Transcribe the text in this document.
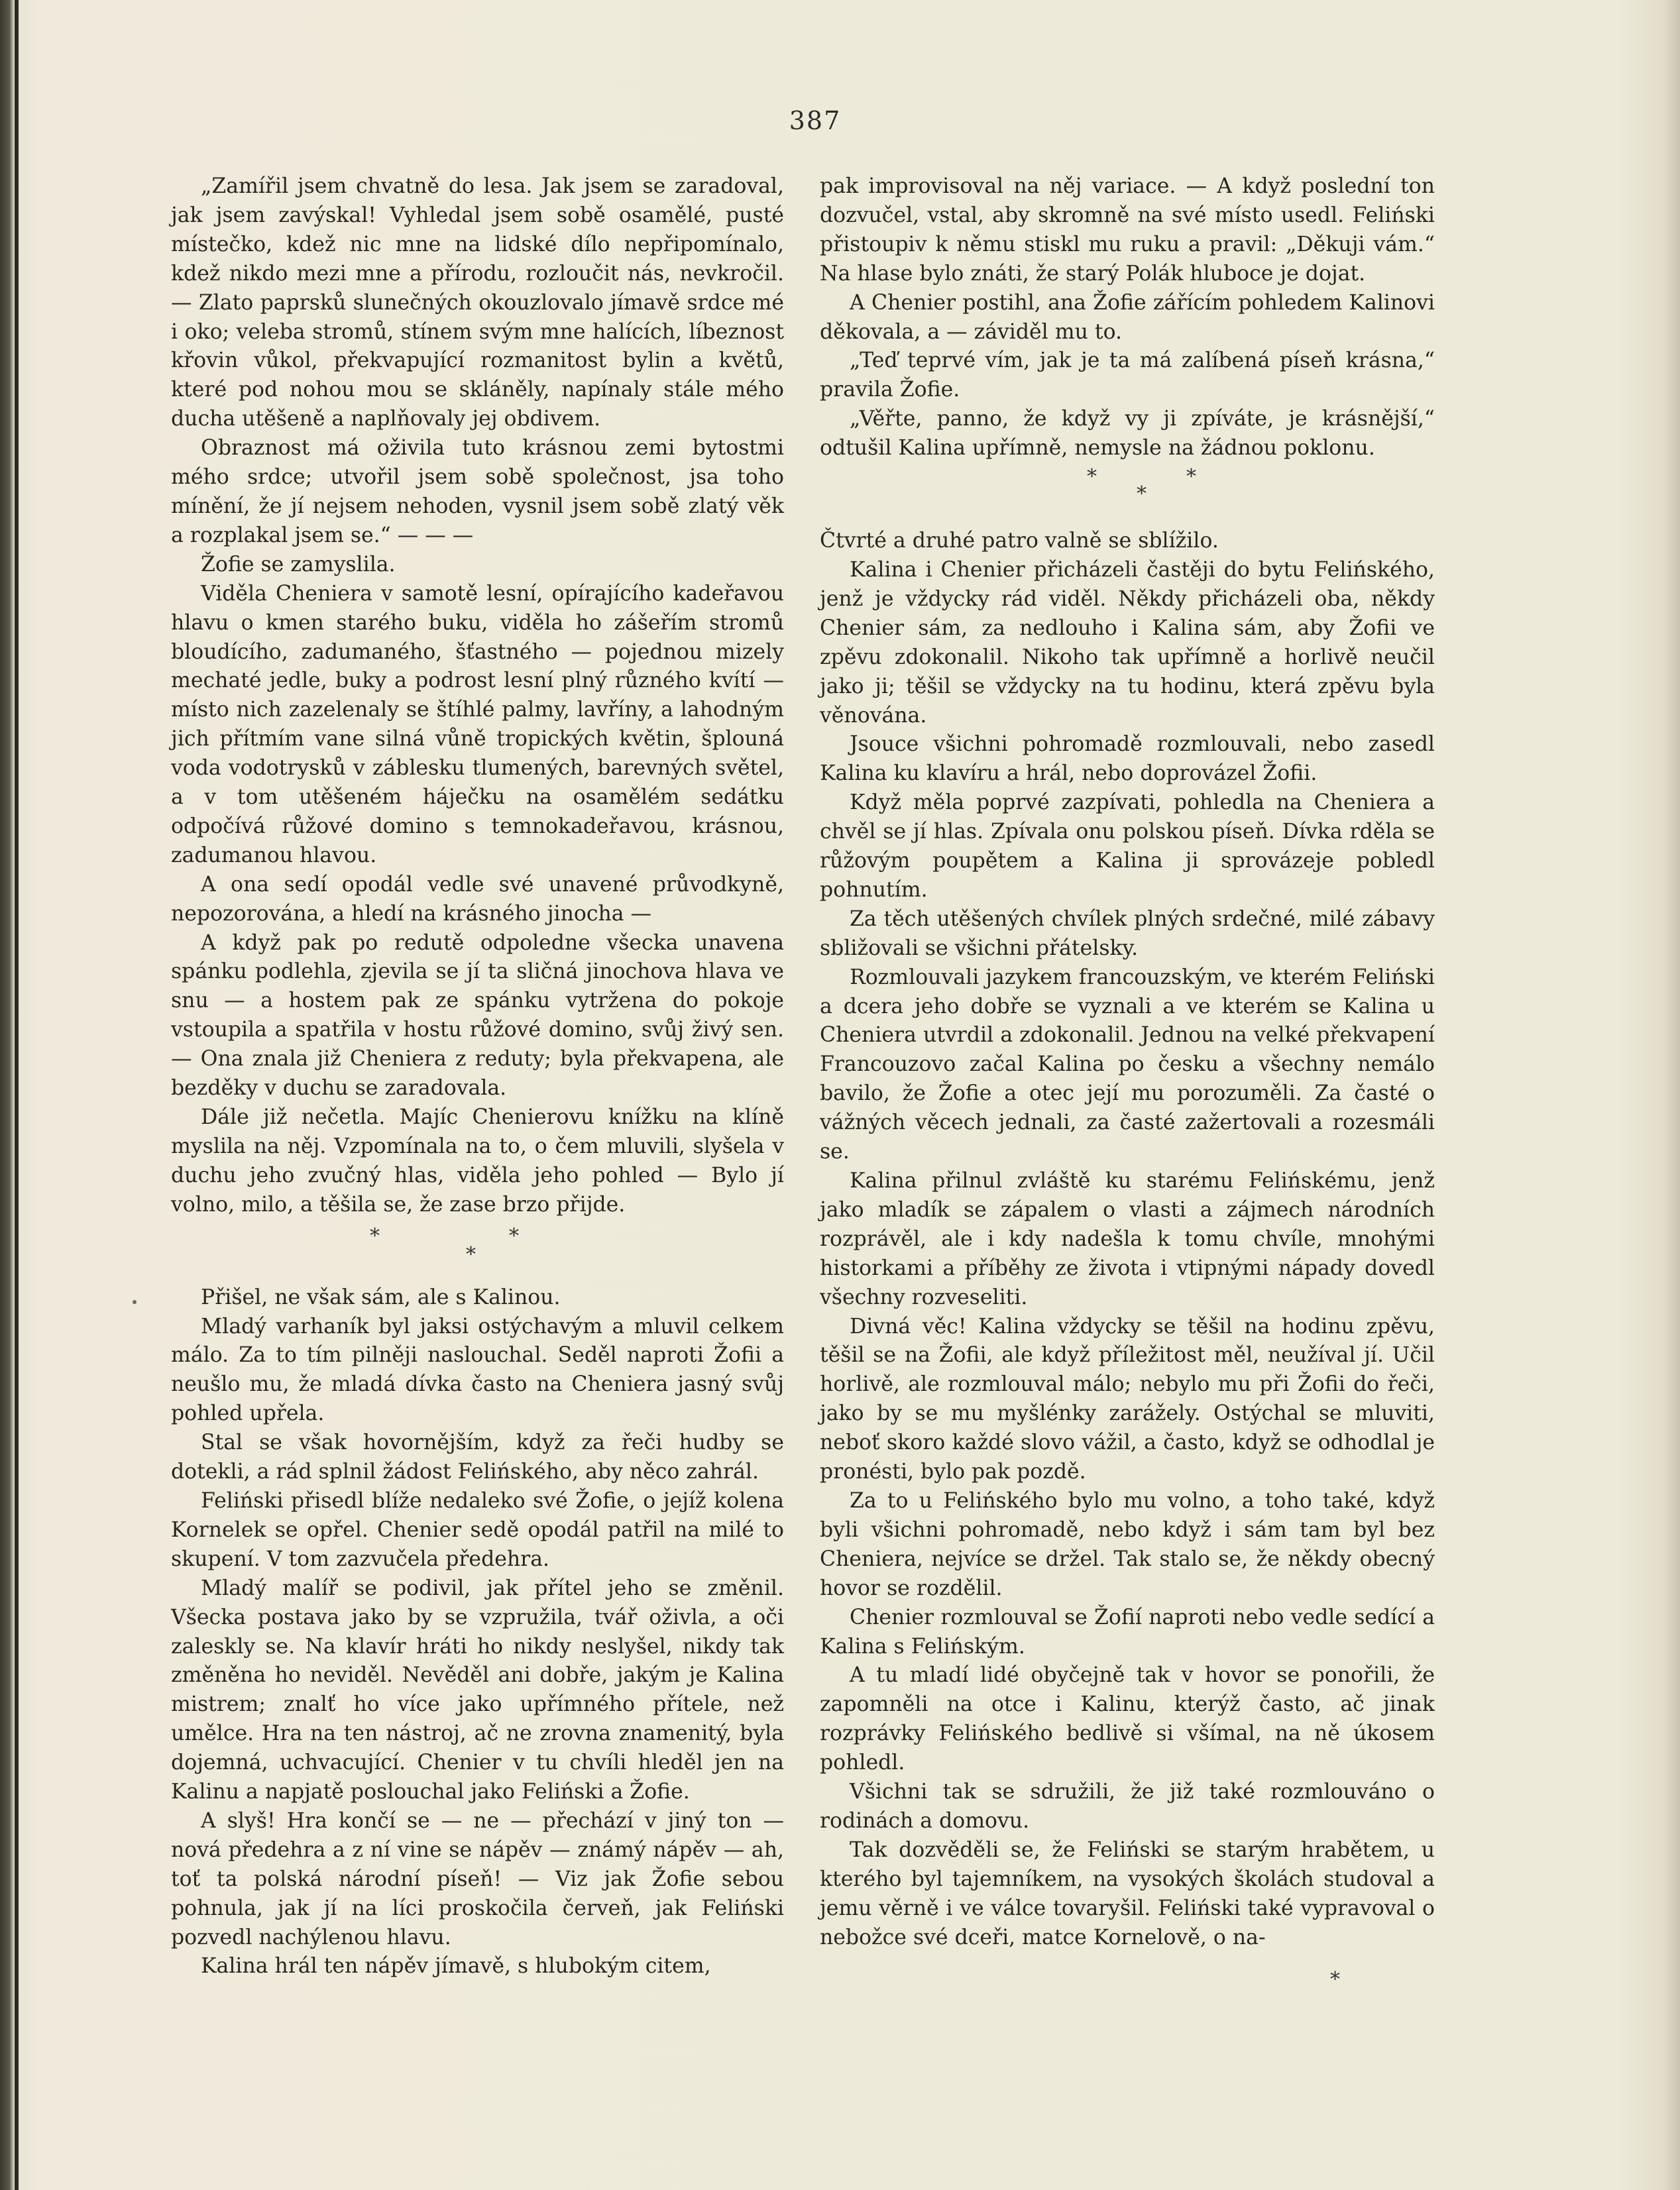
387

„Zamířil jsem chvatně do lesa. Jak jsem se zaradoval, jak jsem zavýskal! Vyhledal jsem sobě osamělé, pusté místečko, kdež nic mne na lidské dílo nepřipomínalo, kdež nikdo mezi mne a přírodu, rozloučit nás, nevkročil. — Zlato paprsků slunečných okouzlovalo jímavě srdce mé i oko; veleba stromů, stínem svým mne halících, líbeznost křovin vůkol, překvapující rozmanitost bylin a květů, které pod nohou mou se skláněly, napínaly stále mého ducha utěšeně a naplňovaly jej obdivem.

Obraznost má oživila tuto krásnou zemi bytostmi mého srdce; utvořil jsem sobě společnost, jsa toho mínění, že jí nejsem nehoden, vysnil jsem sobě zlatý věk a rozplakal jsem se.“ — — —

Žofie se zamyslila.

Viděla Cheniera v samotě lesní, opírajícího kadeřavou hlavu o kmen starého buku, viděla ho zášeřím stromů bloudícího, zadumaného, šťastného — pojednou mizely mechaté jedle, buky a podrost lesní plný různého kvítí — místo nich zazelenaly se štíhlé palmy, lavříny, a lahodným jich přítmím vane silná vůně tropických květin, šplouná voda vodotrysků v záblesku tlumených, barevných světel, a v tom utěšeném háječku na osamělém sedátku odpočívá růžové domino s temnokadeřavou, krásnou, zadumanou hlavou.

A ona sedí opodál vedle své unavené průvodkyně, nepozorována, a hledí na krásného jinocha —

A když pak po redutě odpoledne všecka unavena spánku podlehla, zjevila se jí ta sličná jinochova hlava ve snu — a hostem pak ze spánku vytržena do pokoje vstoupila a spatřila v hostu růžové domino, svůj živý sen. — Ona znala již Cheniera z reduty; byla překvapena, ale bezděky v duchu se zaradovala.

Dále již nečetla. Majíc Chenierovu knížku na klíně myslila na něj. Vzpomínala na to, o čem mluvili, slyšela v duchu jeho zvučný hlas, viděla jeho pohled — Bylo jí volno, milo, a těšila se, že zase brzo přijde.

*
*
*

Přišel, ne však sám, ale s Kalinou.

Mladý varhaník byl jaksi ostýchavým a mluvil celkem málo. Za to tím pilněji naslouchal. Seděl naproti Žofii a neušlo mu, že mladá dívka často na Cheniera jasný svůj pohled upřela.

Stal se však hovornějším, když za řeči hudby se dotekli, a rád splnil žádost Felińského, aby něco zahrál.

Feliński přisedl blíže nedaleko své Žofie, o jejíž kolena Kornelek se opřel. Chenier sedě opodál patřil na milé to skupení. V tom zazvučela předehra.

Mladý malíř se podivil, jak přítel jeho se změnil. Všecka postava jako by se vzpružila, tvář oživla, a oči zaleskly se. Na klavír hráti ho nikdy neslyšel, nikdy tak změněna ho neviděl. Nevěděl ani dobře, jakým je Kalina mistrem; znalť ho více jako upřímného přítele, než umělce. Hra na ten nástroj, ač ne zrovna znamenitý, byla dojemná, uchvacující. Chenier v tu chvíli hleděl jen na Kalinu a napjatě poslouchal jako Feliński a Žofie.

A slyš! Hra končí se — ne — přechází v jiný ton — nová předehra a z ní vine se nápěv — známý nápěv — ah, toť ta polská národní píseň! — Viz jak Žofie sebou pohnula, jak jí na líci proskočila červeň, jak Feliński pozvedl nachýlenou hlavu.

Kalina hrál ten nápěv jímavě, s hlubokým citem,

pak improvisoval na něj variace. — A když poslední ton dozvučel, vstal, aby skromně na své místo usedl. Feliński přistoupiv k němu stiskl mu ruku a pravil: „Děkuji vám.“ Na hlase bylo znáti, že starý Polák hluboce je dojat.

A Chenier postihl, ana Žofie zářícím pohledem Kalinovi děkovala, a — záviděl mu to.

„Teď teprvé vím, jak je ta má zalíbená píseň krásna,“ pravila Žofie.

„Věřte, panno, že když vy ji zpíváte, je krásnější,“ odtušil Kalina upřímně, nemysle na žádnou poklonu.

*
*
*

Čtvrté a druhé patro valně se sblížilo.

Kalina i Chenier přicházeli častěji do bytu Felińského, jenž je vždycky rád viděl. Někdy přicházeli oba, někdy Chenier sám, za nedlouho i Kalina sám, aby Žofii ve zpěvu zdokonalil. Nikoho tak upřímně a horlivě neučil jako ji; těšil se vždycky na tu hodinu, která zpěvu byla věnována.

Jsouce všichni pohromadě rozmlouvali, nebo zasedl Kalina ku klavíru a hrál, nebo doprovázel Žofii.

Když měla poprvé zazpívati, pohledla na Cheniera a chvěl se jí hlas. Zpívala onu polskou píseň. Dívka rděla se růžovým poupětem a Kalina ji sprovázeje pobledl pohnutím.

Za těch utěšených chvílek plných srdečné, milé zábavy sbližovali se všichni přátelsky.

Rozmlouvali jazykem francouzským, ve kterém Feliński a dcera jeho dobře se vyznali a ve kterém se Kalina u Cheniera utvrdil a zdokonalil. Jednou na velké překvapení Francouzovo začal Kalina po česku a všechny nemálo bavilo, že Žofie a otec její mu porozuměli. Za časté o vážných věcech jednali, za časté zažertovali a rozesmáli se.

Kalina přilnul zvláště ku starému Felińskému, jenž jako mladík se zápalem o vlasti a zájmech národních rozprávěl, ale i kdy nadešla k tomu chvíle, mnohými historkami a příběhy ze života i vtipnými nápady dovedl všechny rozveseliti.

Divná věc! Kalina vždycky se těšil na hodinu zpěvu, těšil se na Žofii, ale když příležitost měl, neužíval jí. Učil horlivě, ale rozmlouval málo; nebylo mu při Žofii do řeči, jako by se mu myšlénky zarážely. Ostýchal se mluviti, neboť skoro každé slovo vážil, a často, když se odhodlal je pronésti, bylo pak pozdě.

Za to u Felińského bylo mu volno, a toho také, když byli všichni pohromadě, nebo když i sám tam byl bez Cheniera, nejvíce se držel. Tak stalo se, že někdy obecný hovor se rozdělil.

Chenier rozmlouval se Žofií naproti nebo vedle sedící a Kalina s Felińským.

A tu mladí lidé obyčejně tak v hovor se ponořili, že zapomněli na otce i Kalinu, kterýž často, ač jinak rozprávky Felińského bedlivě si všímal, na ně úkosem pohledl.

Všichni tak se sdružili, že již také rozmlouváno o rodinách a domovu.

Tak dozvěděli se, že Feliński se starým hrabětem, u kterého byl tajemníkem, na vysokých školách studoval a jemu věrně i ve válce tovaryšil. Feliński také vypravoval o nebožce své dceři, matce Kornelově, o na-

*
